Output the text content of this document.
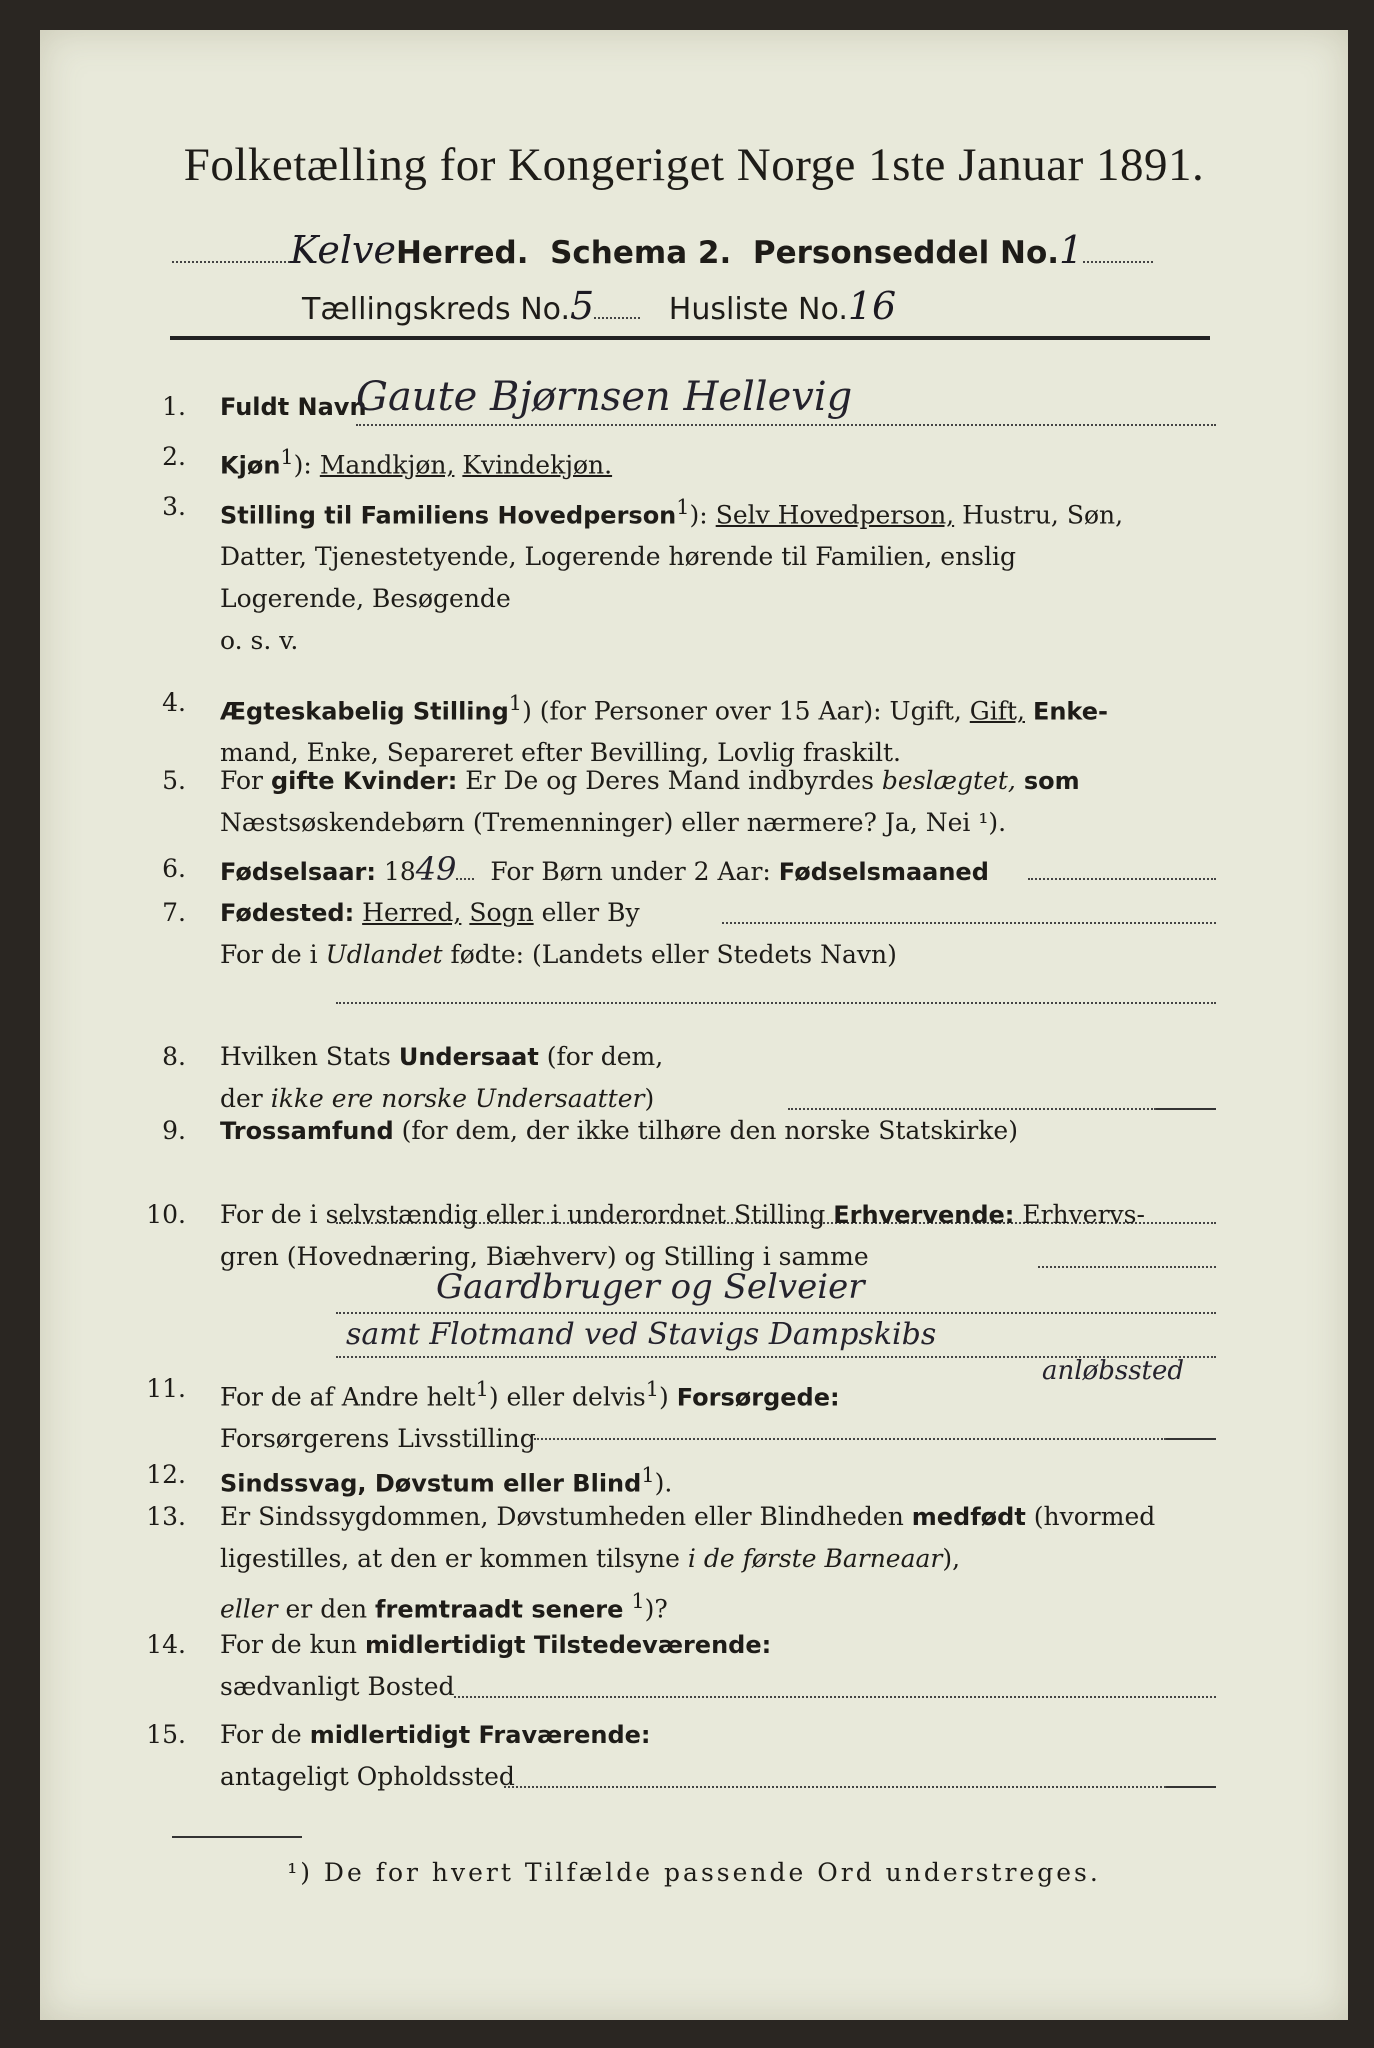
Folketælling for Kongeriget Norge 1ste Januar 1891.
KelveHerred. Schema 2. Personseddel No.1
Tællingskreds No.5 Husliste No.16
1. Fuldt Navn
Gaute Bjørnsen Hellevig
2. Kjøn$^1$): Mandkjøn, Kvindekjøn.
3. Stilling til Familiens Hovedperson$^1$): Selv Hovedperson, Hustru, Søn,
Datter, Tjenestetyende, Logerende hørende til Familien, enslig
Logerende, Besøgende
o. s. v.
4. Ægteskabelig Stilling$^1$) (for Personer over 15 Aar): Ugift, Gift, Enke-
mand, Enke, Separeret efter Bevilling, Lovlig fraskilt.
5. For gifte Kvinder: Er De og Deres Mand indbyrdes beslægtet, som
Næstsøskendebørn (Tremenninger) eller nærmere? Ja, Nei ¹).
6. Fødselsaar: 1849 For Børn under 2 Aar: Fødselsmaaned
7. Fødested: Herred, Sogn eller By
For de i Udlandet fødte: (Landets eller Stedets Navn)
8. Hvilken Stats Undersaat (for dem,
der ikke ere norske Undersaatter)
9. Trossamfund (for dem, der ikke tilhøre den norske Statskirke)
10. For de i selvstændig eller i underordnet Stilling Erhvervende: Erhvervs-
gren (Hovednæring, Biæhverv) og Stilling i samme
Gaardbruger og Selveier
samt Flotmand ved Stavigs Dampskibs
anløbssted
11. For de af Andre helt$^1$) eller delvis$^1$) Forsørgede:
Forsørgerens Livsstilling
12. Sindssvag, Døvstum eller Blind$^1$).
13. Er Sindssygdommen, Døvstumheden eller Blindheden medfødt (hvormed
ligestilles, at den er kommen tilsyne i de første Barneaar),
eller er den fremtraadt senere $^1$)?
14. For de kun midlertidigt Tilstedeværende:
sædvanligt Bosted
15. For de midlertidigt Fraværende:
antageligt Opholdssted
¹) De for hvert Tilfælde passende Ord understreges.
